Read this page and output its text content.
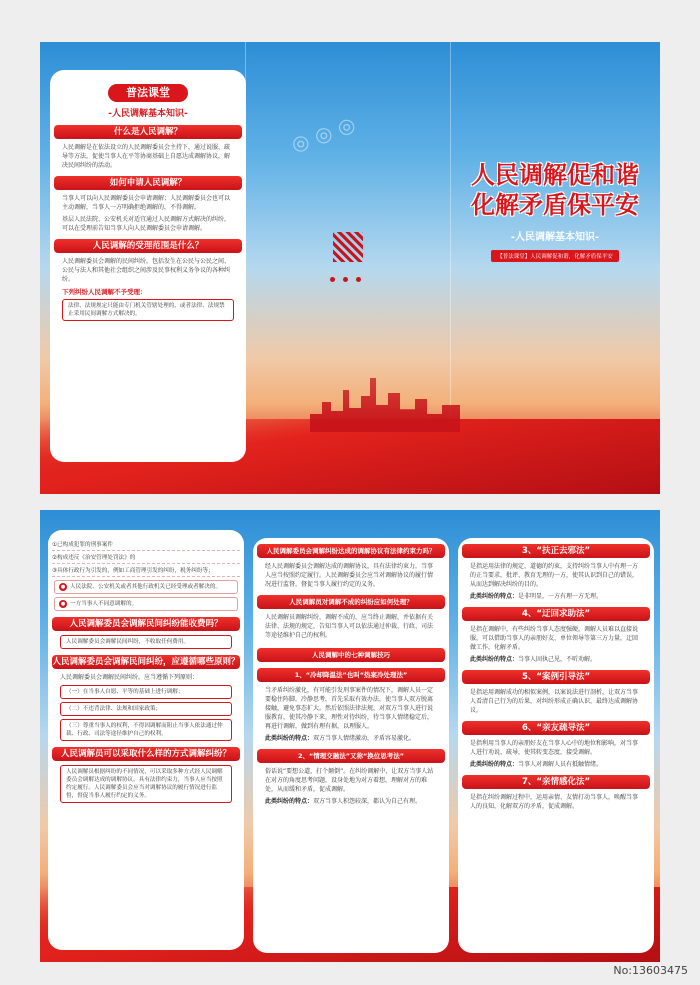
普法课堂
-人民调解基本知识-
什么是人民调解？
人民调解是在依法设立的人民调解委员会主持下，通过说服、疏导等方法，促使当事人在平等协商基础上自愿达成调解协议，解决民间纠纷的活动。
如何申请人民调解？
当事人可以向人民调解委员会申请调解；人民调解委员会也可以主动调解，当事人一方明确拒绝调解的，不得调解。
基层人民法院、公安机关对适宜通过人民调解方式解决的纠纷，可以在受理前告知当事人向人民调解委员会申请调解。
人民调解的受理范围是什么？
人民调解委员会调解的民间纠纷，包括发生在公民与公民之间、公民与法人和其他社会组织之间涉及民事权利义务争议的各种纠纷。
下列纠纷人民调解不予受理：
法律、法规规定只能由专门机关管辖处理的，或者法律、法规禁止采用民间调解方式解决的。
人民调解促和谐
化解矛盾保平安
-人民调解基本知识-
【普法课堂】人民调解促和谐，化解矛盾保平安
◎ ◎ ◎
①已构成犯罪的刑事案件
②构成违反《治安管理处罚法》的
③具体行政行为引发的，例如工商管理引发的纠纷，税务纠纷等；
● 人民法院、公安机关或者其他行政机关已经受理或者解决的。
● 一方当事人不同意调解的。
人民调解委员会调解民间纠纷能收费吗？
人民调解委员会调解民间纠纷，不收取任何费用。
人民调解委员会调解民间纠纷，应遵循哪些原则？
人民调解委员会调解民间纠纷，应当遵循下列原则：
（一）在当事人自愿、平等的基础上进行调解；
（二）不违背法律、法规和国家政策；
（三）尊重当事人的权利，不得因调解而阻止当事人依法通过仲裁、行政、司法等途径维护自己的权利。
人民调解员可以采取什么样的方式调解纠纷？
人民调解员根据纠纷的不同情况，可以采取多种方式经人民调解委员会调解达成的调解协议，具有法律约束力，当事人应当按照约定履行。人民调解委员会应当对调解协议的履行情况进行监督，督促当事人履行约定的义务。
人民调解委员会调解纠纷达成的调解协议有法律约束力吗？
经人民调解委员会调解达成的调解协议，具有法律约束力，当事人应当按照约定履行。人民调解委员会应当对调解协议的履行情况进行监督，督促当事人履行约定的义务。
人民调解员对调解不成的纠纷应如何处理？
人民调解员调解纠纷，调解不成的，应当终止调解，并依据有关法律、法规的规定，告知当事人可以依法通过仲裁、行政、司法等途径维护自己的权利。
人民调解中的七种调解技巧
1、“冷却降温法”也叫“热案冷处理法”
当矛盾纠纷激化，有可能引发刑事案件的情况下，调解人员一定要稳住阵脚，冷静思考，首先采取有效办法，使当事人双方脱离接触，避免事态扩大。然后依照法律法规，对双方当事人进行说服教育，使其冷静下来，理性对待纠纷，待当事人情绪稳定后，再进行调解，做到有理有据，以理服人。
此类纠纷的特点：双方当事人情绪激动，矛盾容易激化。
2、“情理交融法”又称“换位思考法”
俗话说“要想公道，打个颠倒”。在纠纷调解中，让双方当事人站在对方的角度思考问题，设身处地为对方着想，理解对方的难处，从而缓和矛盾，促成调解。
此类纠纷的特点：双方当事人积怨较深，都认为自己有理。
3、“扶正去邪法”
是指运用法律的规定、道德的约束，支持纠纷当事人中有理一方的正当要求，批评、教育无理的一方，使其认识到自己的错误，从而达到解决纠纷的目的。
此类纠纷的特点：是非明显，一方有理一方无理。
4、“迂回求助法”
是指在调解中，有些纠纷当事人态度强硬，调解人员难以直接说服，可以借助当事人的亲朋好友、单位领导等第三方力量，迂回做工作，化解矛盾。
此类纠纷的特点：当事人固执己见，不听劝解。
5、“案例引导法”
是指运用调解成功的相似案例，以案说法进行剖析，让双方当事人看清自己行为的后果，对纠纷形成正确认识，最终达成调解协议。
6、“亲友疏导法”
是指利用当事人的亲朋好友在当事人心中的地位和影响，对当事人进行劝说、疏导，使其转变态度，接受调解。
此类纠纷的特点：当事人对调解人员有抵触情绪。
7、“亲情感化法”
是指在纠纷调解过程中，运用亲情、友情打动当事人，唤醒当事人的良知，化解双方的矛盾，促成调解。
No:13603475
